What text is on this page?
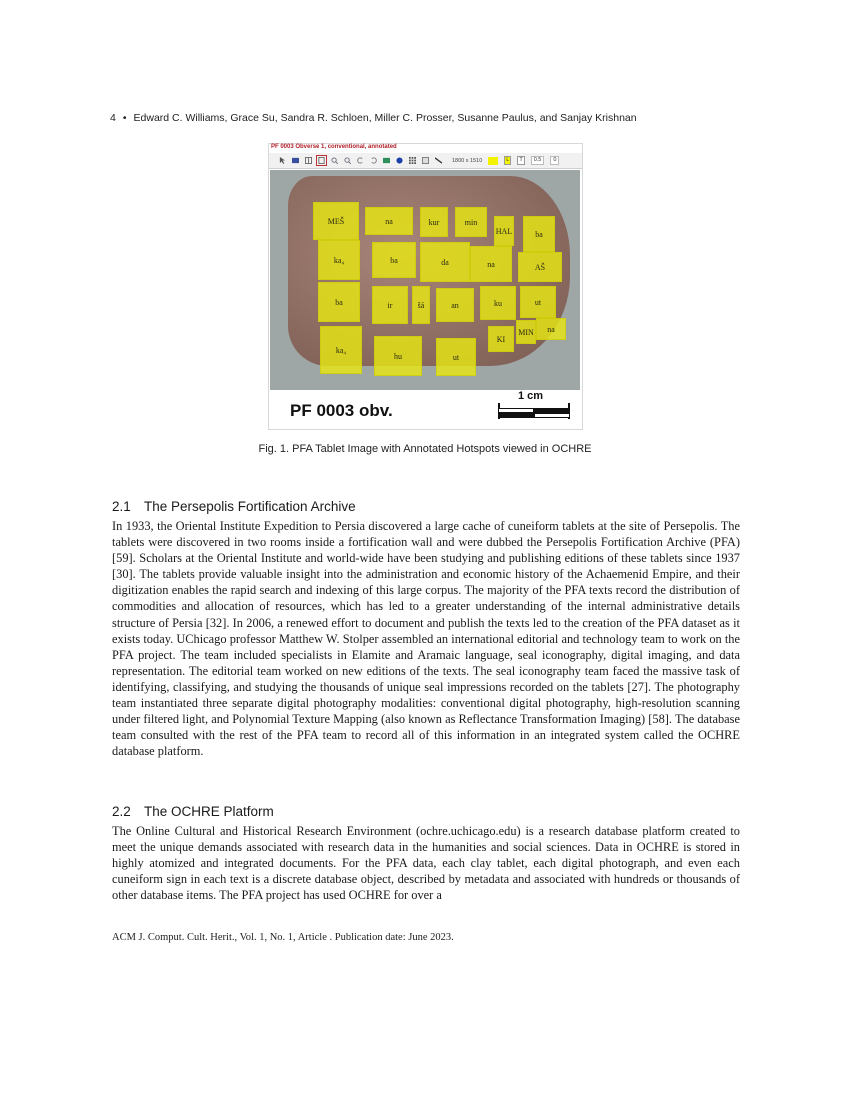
4 • Edward C. Williams, Grace Su, Sandra R. Schloen, Miller C. Prosser, Susanne Paulus, and Sanjay Krishnan
PF 0003 Obverse 1, conventional, annotated
1800 x 1510	L	T	0.5	0
MEŠ	na	kur	min
HAL	ba
ka₄	ba	da	na	AŠ
ba	ir	šá	an	ku	ut
na
MIN
KI
ka₄
hu	ut
PF 0003 obv.
1 cm
Fig. 1. PFA Tablet Image with Annotated Hotspots viewed in OCHRE
2.1 The Persepolis Fortification Archive
In 1933, the Oriental Institute Expedition to Persia discovered a large cache of cuneiform tablets at the site of Persepolis. The tablets were discovered in two rooms inside a fortification wall and were dubbed the Persepolis Fortification Archive (PFA) [59]. Scholars at the Oriental Institute and world-wide have been studying and publishing editions of these tablets since 1937 [30]. The tablets provide valuable insight into the administration and economic history of the Achaemenid Empire, and their digitization enables the rapid search and indexing of this large corpus. The majority of the PFA texts record the distribution of commodities and allocation of resources, which has led to a greater understanding of the internal administrative details structure of Persia [32]. In 2006, a renewed effort to document and publish the texts led to the creation of the PFA dataset as it exists today. UChicago professor Matthew W. Stolper assembled an international editorial and technology team to work on the PFA project. The team included specialists in Elamite and Aramaic language, seal iconography, digital imaging, and data representation. The editorial team worked on new editions of the texts. The seal iconography team faced the massive task of identifying, classifying, and studying the thousands of unique seal impressions recorded on the tablets [27]. The photography team instantiated three separate digital photography modalities: conventional digital photography, high-resolution scanning under filtered light, and Polynomial Texture Mapping (also known as Reflectance Transformation Imaging) [58]. The database team consulted with the rest of the PFA team to record all of this information in an integrated system called the OCHRE database platform.
2.2 The OCHRE Platform
The Online Cultural and Historical Research Environment (ochre.uchicago.edu) is a research database platform created to meet the unique demands associated with research data in the humanities and social sciences. Data in OCHRE is stored in highly atomized and integrated documents. For the PFA data, each clay tablet, each digital photograph, and even each cuneiform sign in each text is a discrete database object, described by metadata and associated with hundreds or thousands of other database items. The PFA project has used OCHRE for over a
ACM J. Comput. Cult. Herit., Vol. 1, No. 1, Article . Publication date: June 2023.
